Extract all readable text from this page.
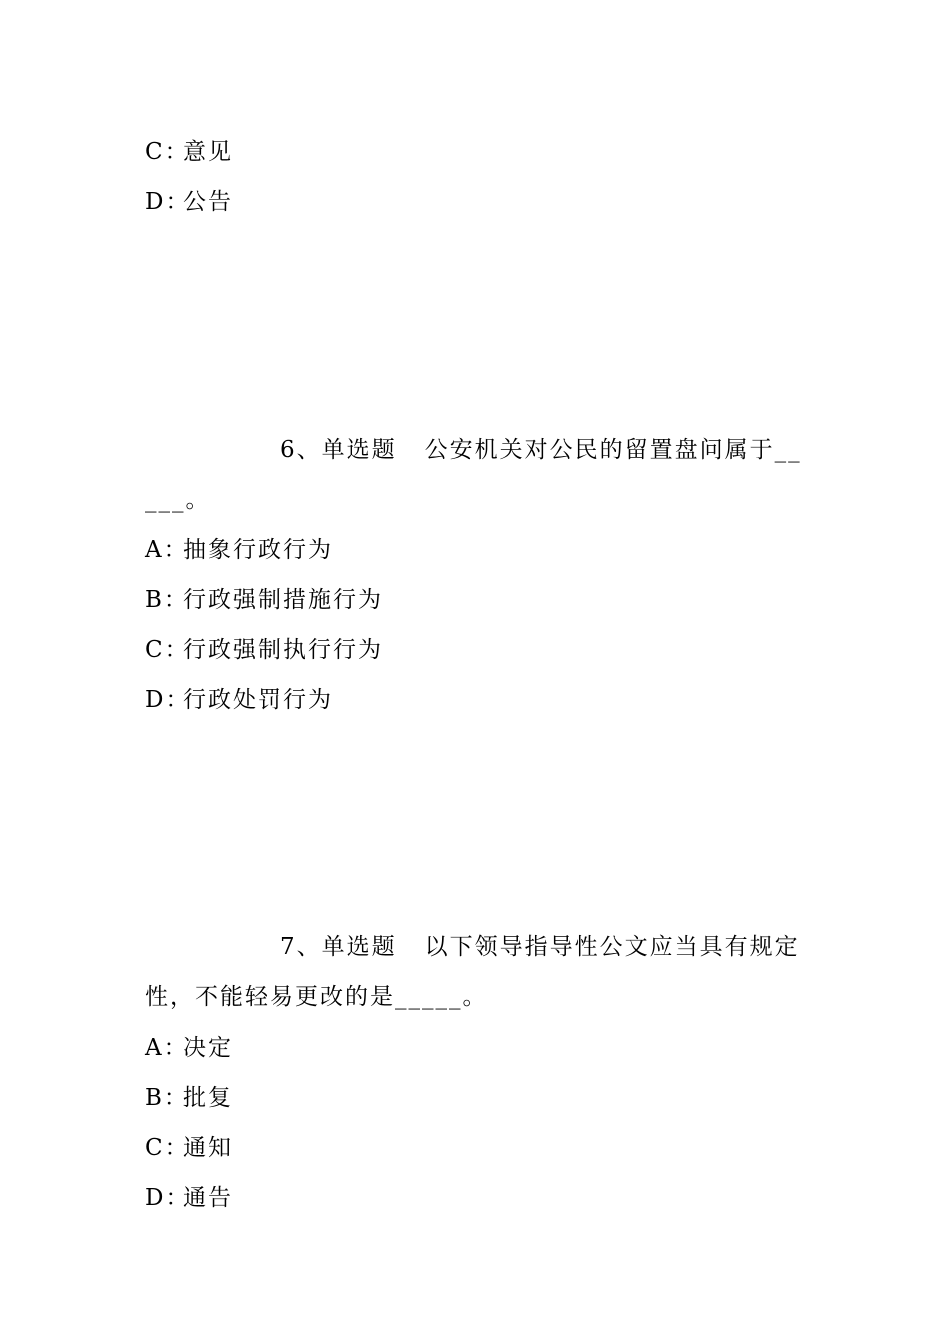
C：意见
D：公告
6、单选题 公安机关对公民的留置盘问属于_____。
A：抽象行政行为
B：行政强制措施行为
C：行政强制执行行为
D：行政处罚行为
7、单选题 以下领导指导性公文应当具有规定性，不能轻易更改的是_____。
A：决定
B：批复
C：通知
D：通告
